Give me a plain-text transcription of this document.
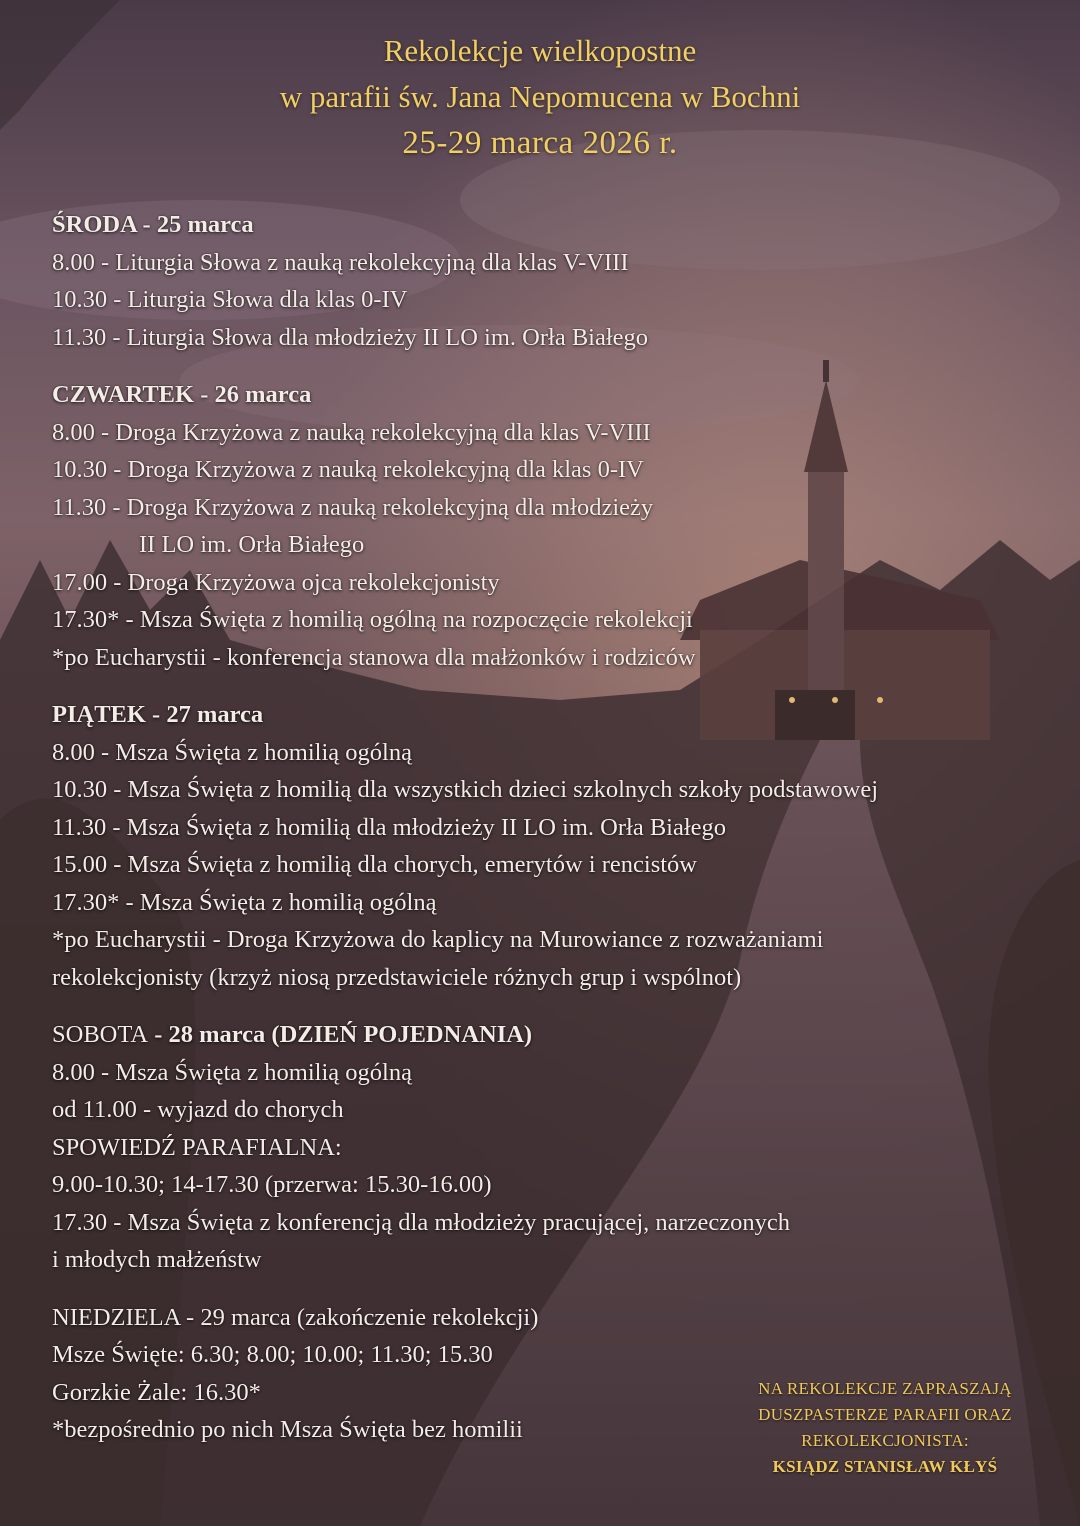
Rekolekcje wielkopostne
w parafii św. Jana Nepomucena w Bochni
25-29 marca 2026 r.
ŚRODA - 25 marca
8.00 - Liturgia Słowa z nauką rekolekcyjną dla klas V-VIII
10.30 - Liturgia Słowa dla klas 0-IV
11.30 - Liturgia Słowa dla młodzieży II LO im. Orła Białego
CZWARTEK - 26 marca
8.00 - Droga Krzyżowa z nauką rekolekcyjną dla klas V-VIII
10.30 - Droga Krzyżowa z nauką rekolekcyjną dla klas 0-IV
11.30 - Droga Krzyżowa z nauką rekolekcyjną dla młodzieży
II LO im. Orła Białego
17.00 - Droga Krzyżowa ojca rekolekcjonisty
17.30* - Msza Święta z homilią ogólną na rozpoczęcie rekolekcji
*po Eucharystii - konferencja stanowa dla małżonków i rodziców
PIĄTEK - 27 marca
8.00 - Msza Święta z homilią ogólną
10.30 - Msza Święta z homilią dla wszystkich dzieci szkolnych szkoły podstawowej
11.30 - Msza Święta z homilią dla młodzieży II LO im. Orła Białego
15.00 - Msza Święta z homilią dla chorych, emerytów i rencistów
17.30* - Msza Święta z homilią ogólną
*po Eucharystii - Droga Krzyżowa do kaplicy na Murowiance z rozważaniami
rekolekcjonisty (krzyż niosą przedstawiciele różnych grup i wspólnot)
SOBOTA - 28 marca (DZIEŃ POJEDNANIA)
8.00 - Msza Święta z homilią ogólną
od 11.00 - wyjazd do chorych
SPOWIEDŹ PARAFIALNA:
9.00-10.30; 14-17.30 (przerwa: 15.30-16.00)
17.30 - Msza Święta z konferencją dla młodzieży pracującej, narzeczonych
i młodych małżeństw
NIEDZIELA - 29 marca (zakończenie rekolekcji)
Msze Święte: 6.30; 8.00; 10.00; 11.30; 15.30
Gorzkie Żale: 16.30*
*bezpośrednio po nich Msza Święta bez homilii
NA REKOLEKCJE ZAPRASZAJĄ
DUSZPASTERZE PARAFII ORAZ
REKOLEKCJONISTA:
KSIĄDZ STANISŁAW KŁYŚ
